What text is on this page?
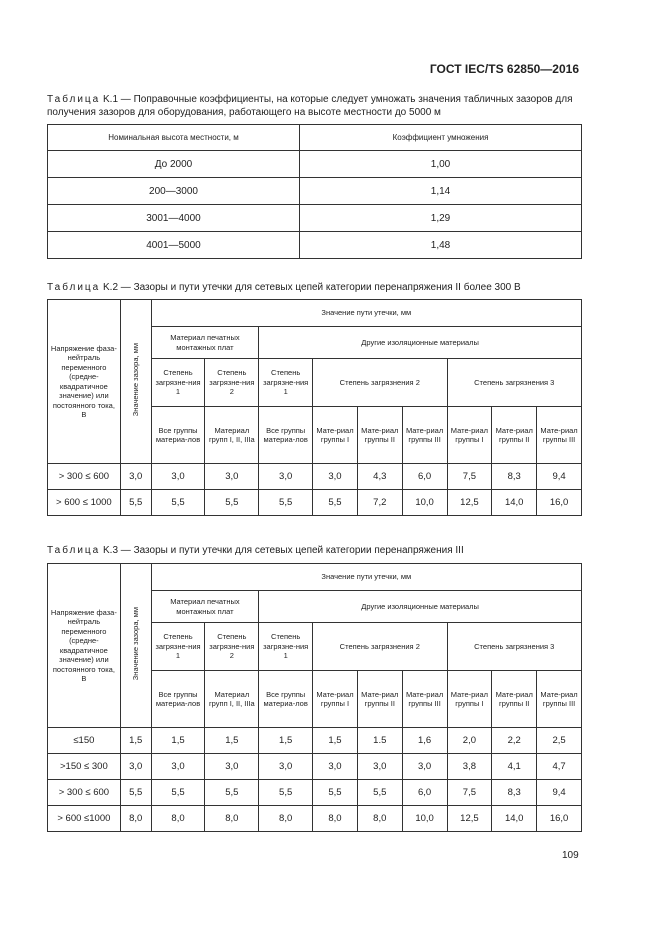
ГОСТ IEC/TS 62850—2016
Таблица K.1 — Поправочные коэффициенты, на которые следует умножать значения табличных зазоров для
получения зазоров для оборудования, работающего на высоте местности до 5000 м
Номинальная высота местности, м	Коэффициент умножения
До 2000	1,00
200—3000	1,14
3001—4000	1,29
4001—5000	1,48
Таблица K.2 — Зазоры и пути утечки для сетевых цепей категории перенапряжения II более 300 В
Напряжение фаза-нейтраль переменного (средне-квадратичное значение) или постоянного тока, В	Значение зазора, мм	Значение пути утечки, мм								
		Материал печатных монтажных плат		Другие изоляционные материалы						
		Степень загрязне-ния 1	Степень загрязне-ния 2	Степень загрязне-ния 1	Степень загрязнения 2			Степень загрязнения 3		
		Все группы материа-лов	Материал групп I, II, IIIa	Все группы материа-лов	Мате-риал группы I	Мате-риал группы II	Мате-риал группы III	Мате-риал группы I	Мате-риал группы II	Мате-риал группы III
> 300 ≤ 600	3,0	3,0	3,0	3,0	3,0	4,3	6,0	7,5	8,3	9,4
> 600 ≤ 1000	5,5	5,5	5,5	5,5	5,5	7,2	10,0	12,5	14,0	16,0
Таблица K.3 — Зазоры и пути утечки для сетевых цепей категории перенапряжения III
Напряжение фаза-нейтраль переменного (средне-квадратичное значение) или постоянного тока, В	Значение зазора, мм	Значение пути утечки, мм								
		Материал печатных монтажных плат		Другие изоляционные материалы						
		Степень загрязне-ния 1	Степень загрязне-ния 2	Степень загрязне-ния 1	Степень загрязнения 2			Степень загрязнения 3		
		Все группы материа-лов	Материал групп I, II, IIIa	Все группы материа-лов	Мате-риал группы I	Мате-риал группы II	Мате-риал группы III	Мате-риал группы I	Мате-риал группы II	Мате-риал группы III
≤150	1,5	1,5	1,5	1,5	1,5	1.5	1,6	2,0	2,2	2,5
>150 ≤ 300	3,0	3,0	3,0	3,0	3,0	3,0	3,0	3,8	4,1	4,7
> 300 ≤ 600	5,5	5,5	5,5	5,5	5,5	5,5	6,0	7,5	8,3	9,4
> 600 ≤1000	8,0	8,0	8,0	8,0	8,0	8,0	10,0	12,5	14,0	16,0
109
